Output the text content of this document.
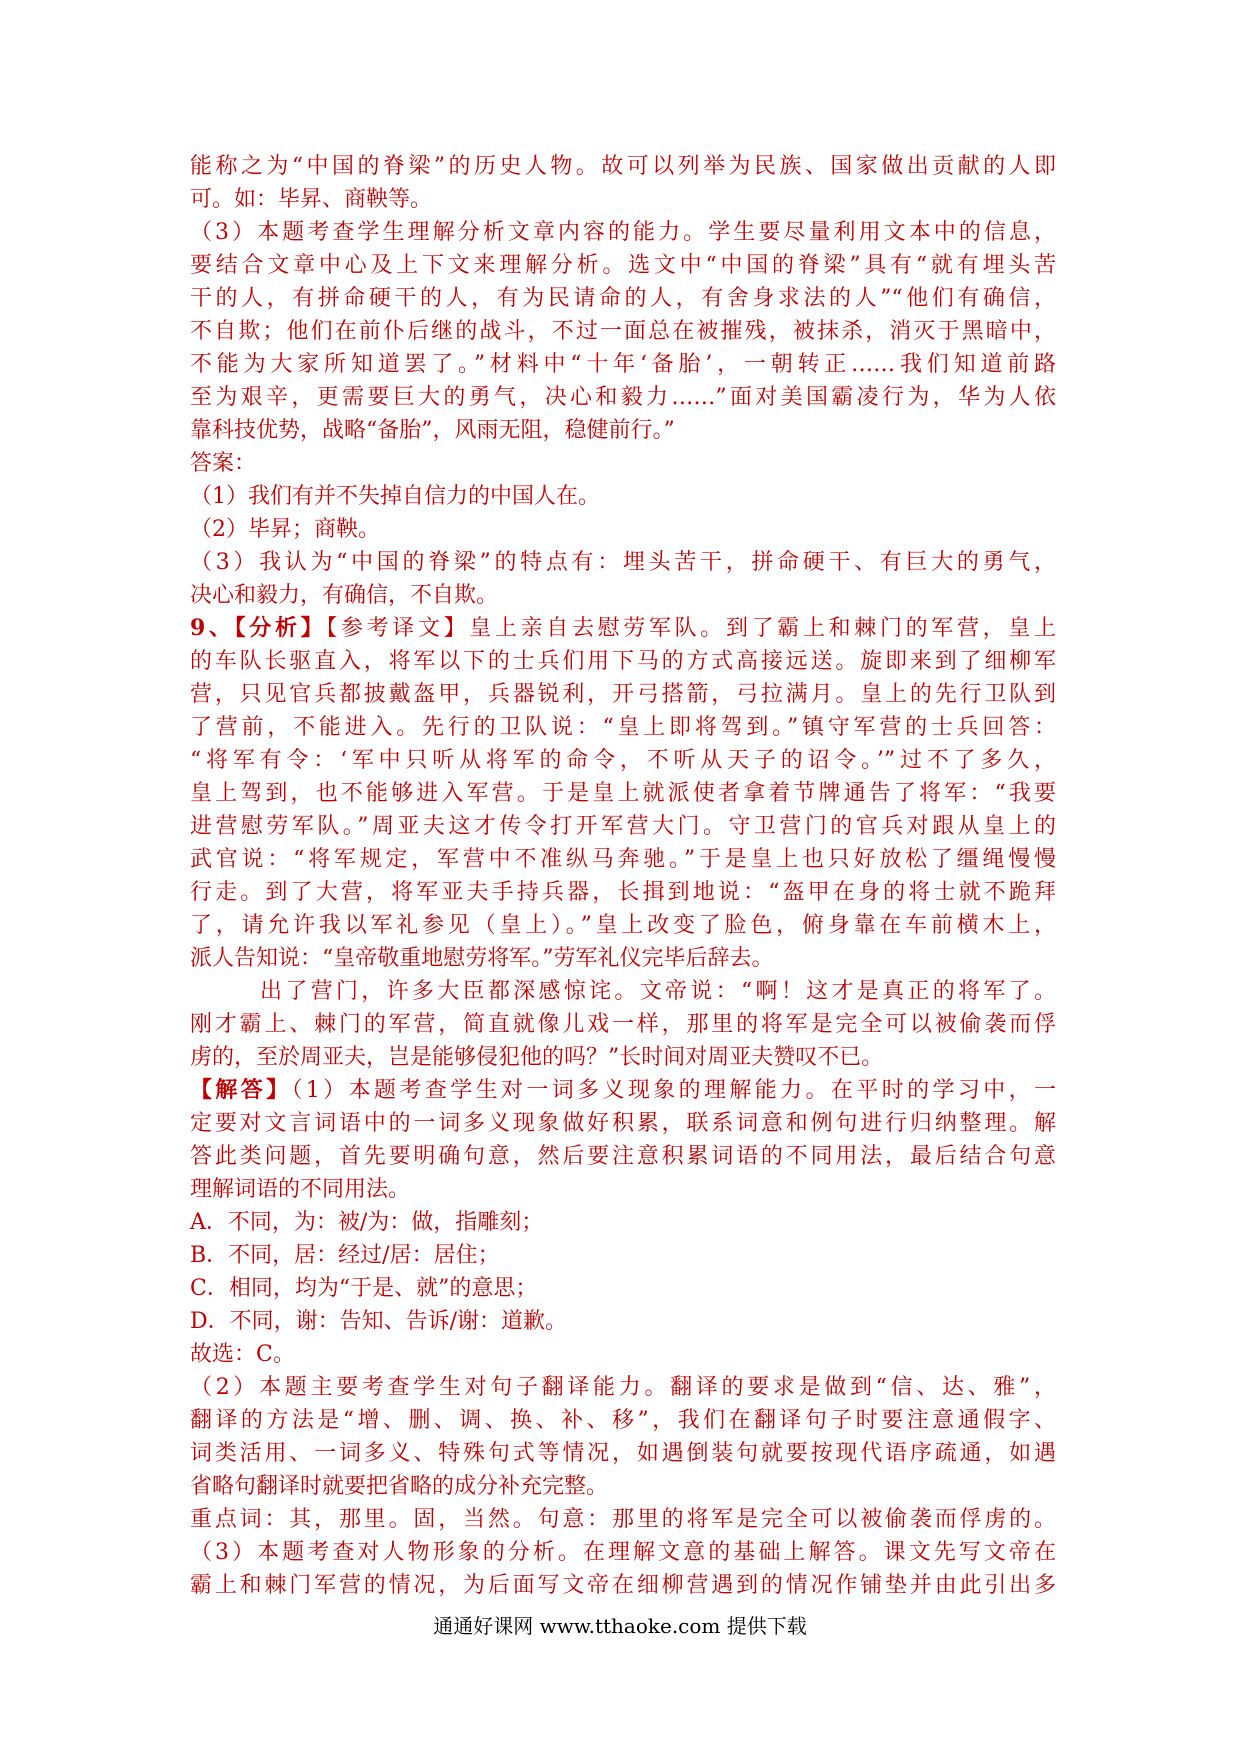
能称之为“中国的脊梁”的历史人物。故可以列举为民族、国家做出贡献的人即
可。如：毕昇、商鞅等。
（3）本题考查学生理解分析文章内容的能力。学生要尽量利用文本中的信息，
要结合文章中心及上下文来理解分析。选文中“中国的脊梁”具有“就有埋头苦
干的人，有拼命硬干的人，有为民请命的人，有舍身求法的人”“他们有确信，
不自欺；他们在前仆后继的战斗，不过一面总在被摧残，被抹杀，消灭于黑暗中，
不能为大家所知道罢了。”材料中“十年‘备胎’，一朝转正……我们知道前路
至为艰辛，更需要巨大的勇气，决心和毅力……”面对美国霸凌行为，华为人依
靠科技优势，战略“备胎”，风雨无阻，稳健前行。”
答案：
（1）我们有并不失掉自信力的中国人在。
（2）毕昇；商鞅。
（3）我认为“中国的脊梁”的特点有：埋头苦干，拼命硬干、有巨大的勇气，
决心和毅力，有确信，不自欺。
9、【分析】【参考译文】皇上亲自去慰劳军队。到了霸上和棘门的军营，皇上
的车队长驱直入，将军以下的士兵们用下马的方式高接远送。旋即来到了细柳军
营，只见官兵都披戴盔甲，兵器锐利，开弓搭箭，弓拉满月。皇上的先行卫队到
了营前，不能进入。先行的卫队说：“皇上即将驾到。”镇守军营的士兵回答：
“将军有令：‘军中只听从将军的命令，不听从天子的诏令。’”过不了多久，
皇上驾到，也不能够进入军营。于是皇上就派使者拿着节牌通告了将军：“我要
进营慰劳军队。”周亚夫这才传令打开军营大门。守卫营门的官兵对跟从皇上的
武官说：“将军规定，军营中不准纵马奔驰。”于是皇上也只好放松了缰绳慢慢
行走。到了大营，将军亚夫手持兵器，长揖到地说：“盔甲在身的将士就不跪拜
了，请允许我以军礼参见（皇上）。”皇上改变了脸色，俯身靠在车前横木上，
派人告知说：“皇帝敬重地慰劳将军。”劳军礼仪完毕后辞去。
出了营门，许多大臣都深感惊诧。文帝说：“啊！这才是真正的将军了。
刚才霸上、棘门的军营，简直就像儿戏一样，那里的将军是完全可以被偷袭而俘
虏的，至於周亚夫，岂是能够侵犯他的吗？”长时间对周亚夫赞叹不已。
【解答】（1）本题考查学生对一词多义现象的理解能力。在平时的学习中，一
定要对文言词语中的一词多义现象做好积累，联系词意和例句进行归纳整理。解
答此类问题，首先要明确句意，然后要注意积累词语的不同用法，最后结合句意
理解词语的不同用法。
A．不同，为：被/为：做，指雕刻；
B．不同，居：经过/居：居住；
C．相同，均为“于是、就”的意思；
D．不同，谢：告知、告诉/谢：道歉。
故选：C。
（2）本题主要考查学生对句子翻译能力。翻译的要求是做到“信、达、雅”，
翻译的方法是“增、删、调、换、补、移”，我们在翻译句子时要注意通假字、
词类活用、一词多义、特殊句式等情况，如遇倒装句就要按现代语序疏通，如遇
省略句翻译时就要把省略的成分补充完整。
重点词：其，那里。固，当然。句意：那里的将军是完全可以被偷袭而俘虏的。
（3）本题考查对人物形象的分析。在理解文意的基础上解答。课文先写文帝在
霸上和棘门军营的情况，为后面写文帝在细柳营遇到的情况作铺垫并由此引出多
通通好课网 www.tthaoke.com 提供下载
